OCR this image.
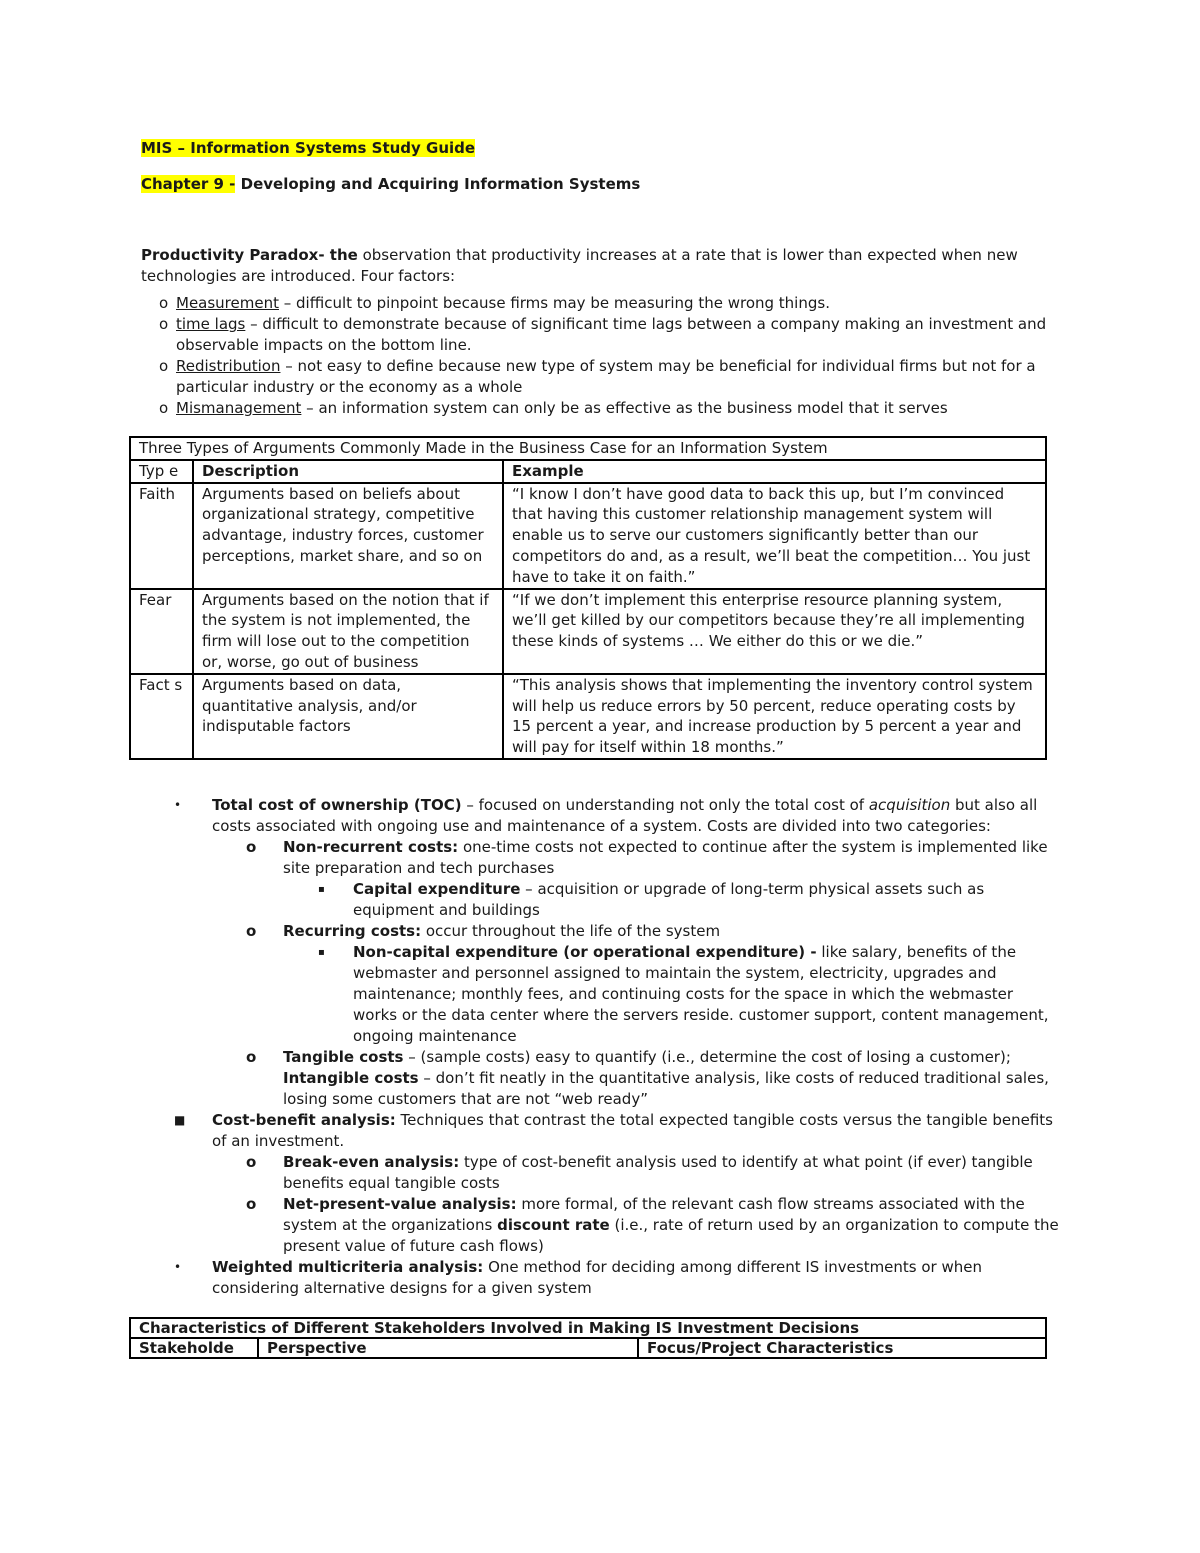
MIS – Information Systems Study Guide
Chapter 9 - Developing and Acquiring Information Systems
Productivity Paradox- the observation that productivity increases at a rate that is lower than expected when new technologies are introduced. Four factors:
o Measurement – difficult to pinpoint because firms may be measuring the wrong things.
o time lags – difficult to demonstrate because of significant time lags between a company making an investment and observable impacts on the bottom line.
o Redistribution – not easy to define because new type of system may be beneficial for individual firms but not for a particular industry or the economy as a whole
o Mismanagement – an information system can only be as effective as the business model that it serves
Three Types of Arguments Commonly Made in the Business Case for an Information System		
Typ e	Description	Example
Faith	Arguments based on beliefs about organizational strategy, competitive advantage, industry forces, customer perceptions, market share, and so on	“I know I don’t have good data to back this up, but I’m convinced that having this customer relationship management system will enable us to serve our customers significantly better than our competitors do and, as a result, we’ll beat the competition… You just have to take it on faith.”
Fear	Arguments based on the notion that if the system is not implemented, the firm will lose out to the competition or, worse, go out of business	“If we don’t implement this enterprise resource planning system, we’ll get killed by our competitors because they’re all implementing these kinds of systems … We either do this or we die.”
Fact s	Arguments based on data, quantitative analysis, and/or indisputable factors	“This analysis shows that implementing the inventory control system will help us reduce errors by 50 percent, reduce operating costs by 15 percent a year, and increase production by 5 percent a year and will pay for itself within 18 months.”
• Total cost of ownership (TOC) – focused on understanding not only the total cost of acquisition but also all costs associated with ongoing use and maintenance of a system. Costs are divided into two categories:
o Non-recurrent costs: one-time costs not expected to continue after the system is implemented like site preparation and tech purchases
▪ Capital expenditure – acquisition or upgrade of long-term physical assets such as equipment and buildings
o Recurring costs: occur throughout the life of the system
▪ Non-capital expenditure (or operational expenditure) - like salary, benefits of the webmaster and personnel assigned to maintain the system, electricity, upgrades and maintenance; monthly fees, and continuing costs for the space in which the webmaster works or the data center where the servers reside. customer support, content management, ongoing maintenance
o Tangible costs – (sample costs) easy to quantify (i.e., determine the cost of losing a customer);
Intangible costs – don’t fit neatly in the quantitative analysis, like costs of reduced traditional sales, losing some customers that are not “web ready”
■ Cost-benefit analysis: Techniques that contrast the total expected tangible costs versus the tangible benefits of an investment.
o Break-even analysis: type of cost-benefit analysis used to identify at what point (if ever) tangible benefits equal tangible costs
o Net-present-value analysis: more formal, of the relevant cash flow streams associated with the system at the organizations discount rate (i.e., rate of return used by an organization to compute the present value of future cash flows)
• Weighted multicriteria analysis: One method for deciding among different IS investments or when considering alternative designs for a given system
Characteristics of Different Stakeholders Involved in Making IS Investment Decisions
Stakeholde	Perspective	Focus/Project Characteristics
